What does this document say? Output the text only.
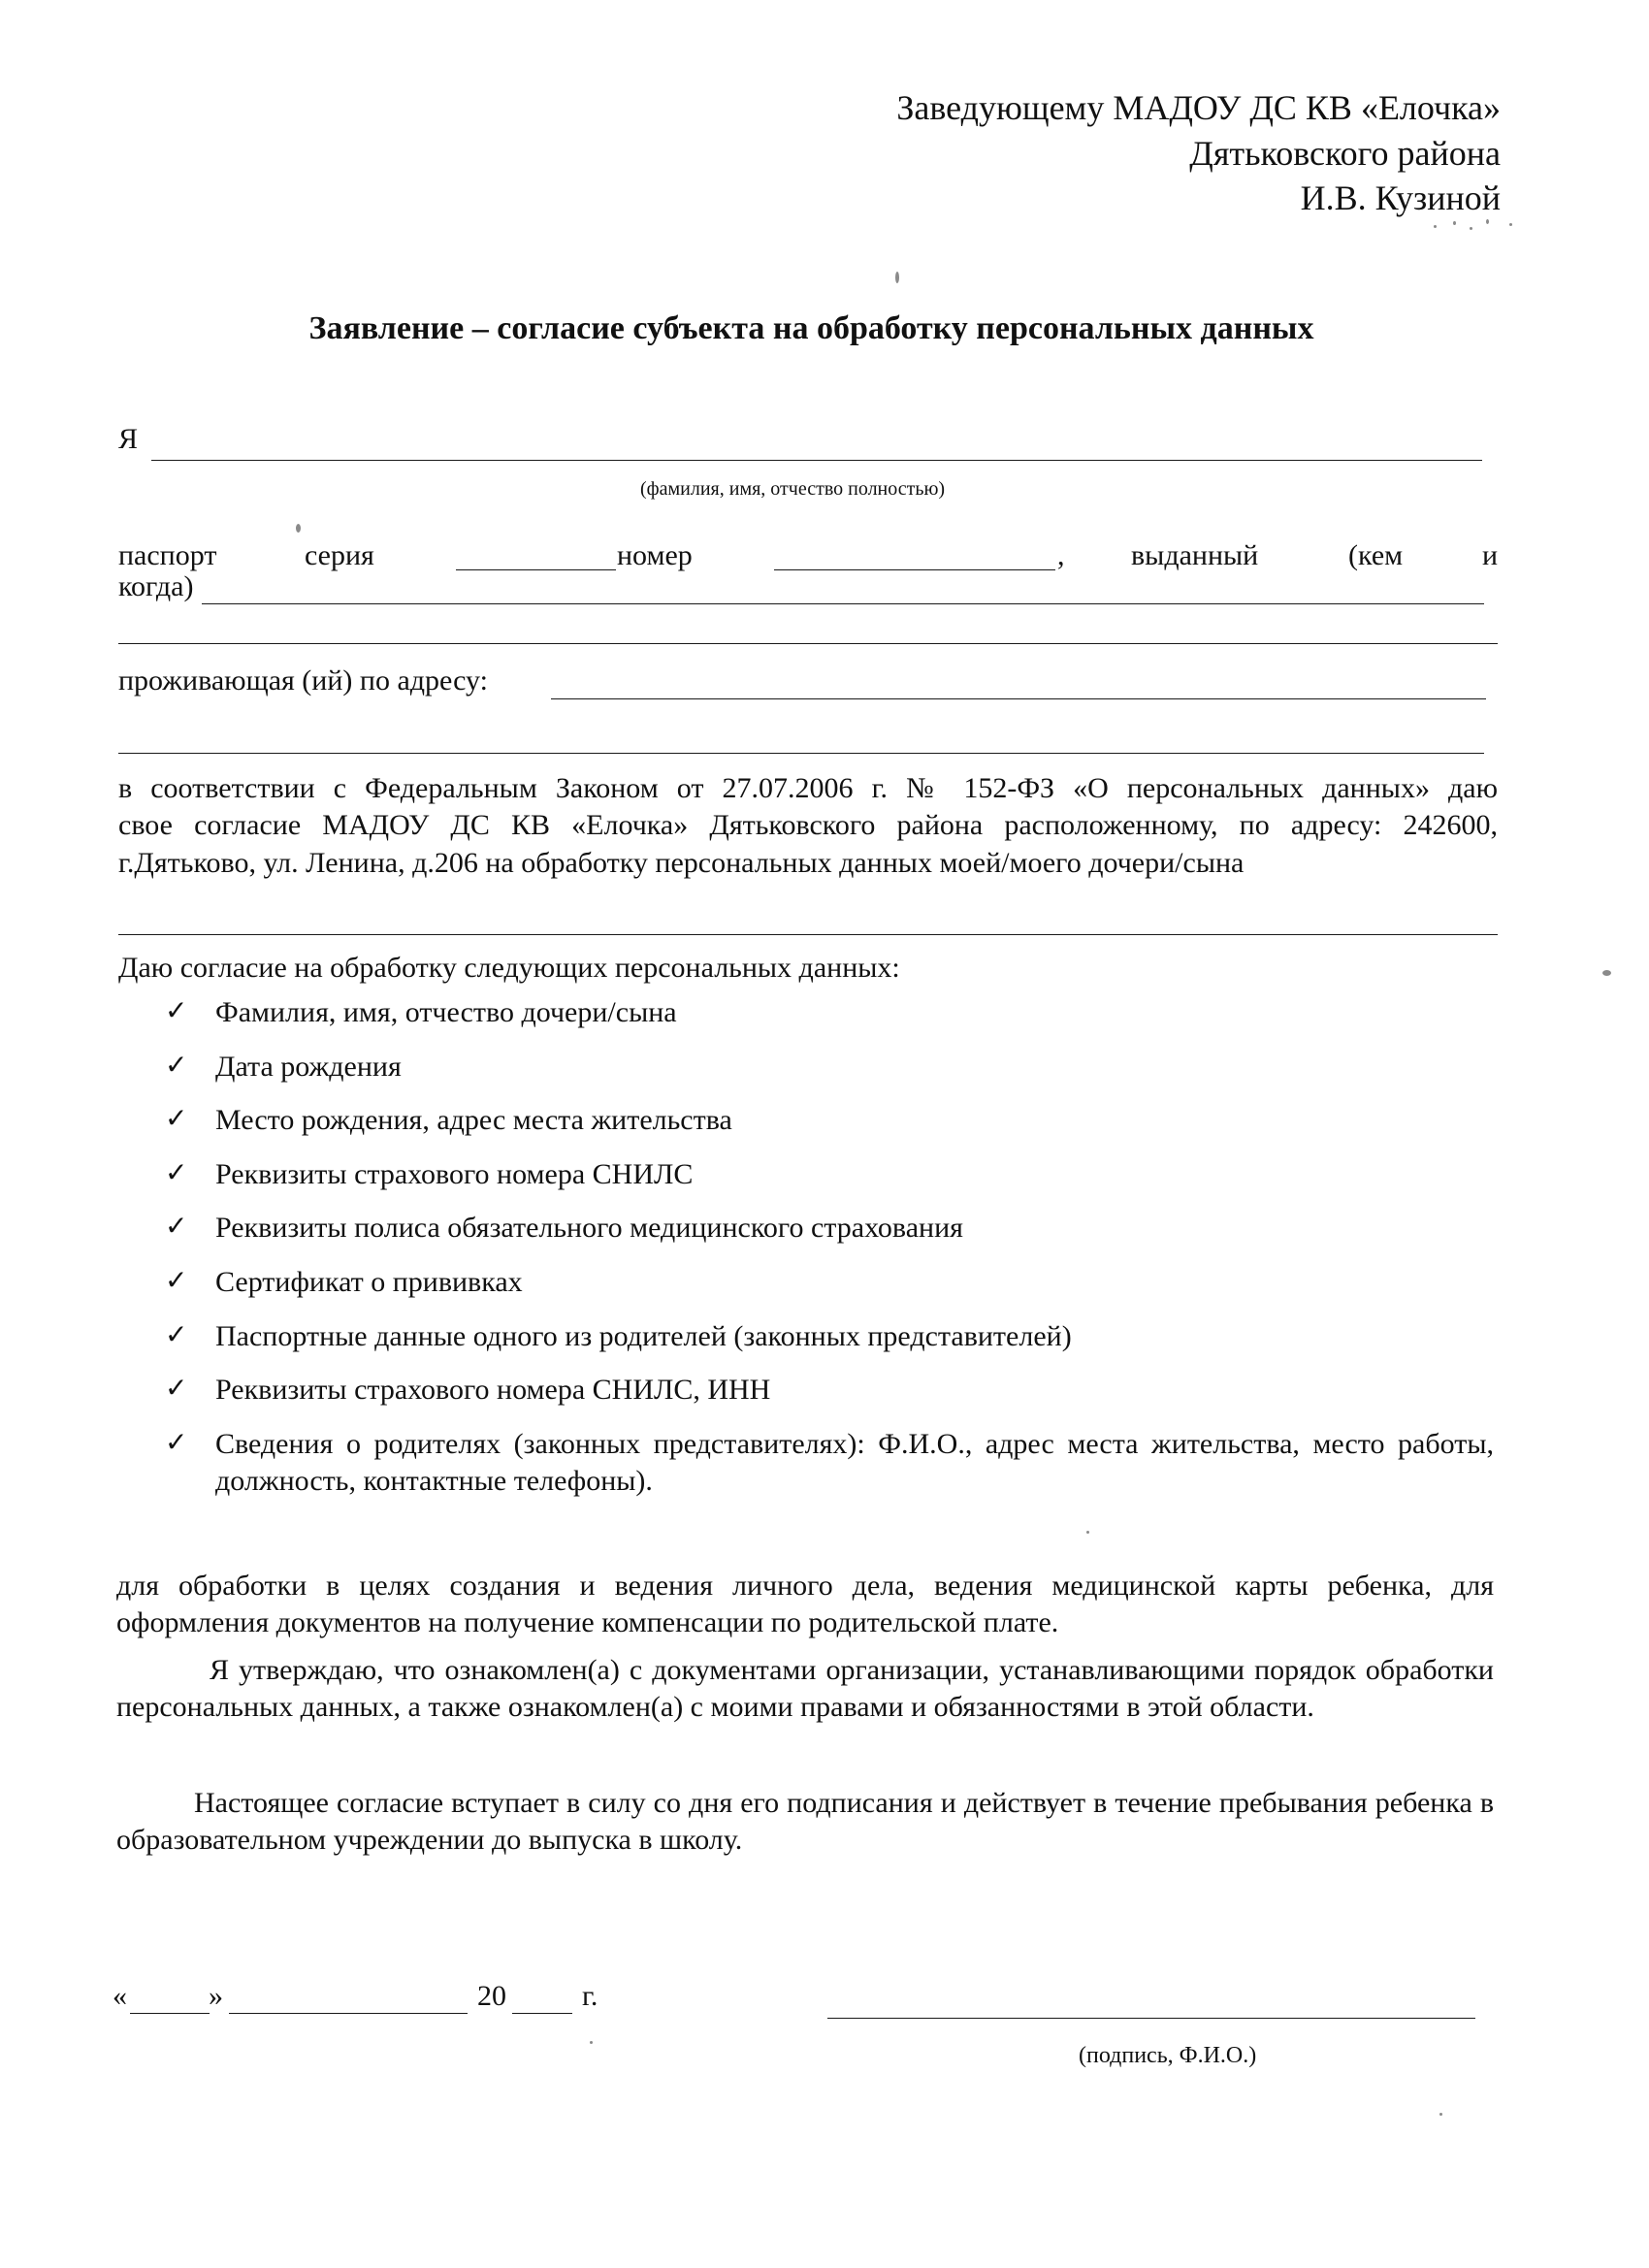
Заведующему МАДОУ ДС КВ «Елочка»
Дятьковского района
И.В. Кузиной
Заявление – согласие субъекта на обработку персональных данных
Я
(фамилия, имя, отчество полностью)
паспорт	серия	номер	, выданный	(кем	и
когда)
проживающая (ий) по адресу:
в соответствии с Федеральным Законом от 27.07.2006 г. № 152-ФЗ «О персональных данных» даю
свое согласие МАДОУ ДС КВ «Елочка» Дятьковского района расположенному, по адресу: 242600,
г.Дятьково, ул. Ленина, д.206 на обработку персональных данных моей/моего дочери/сына
Даю согласие на обработку следующих персональных данных:
✓ Фамилия, имя, отчество дочери/сына
✓ Дата рождения
✓ Место рождения, адрес места жительства
✓ Реквизиты страхового номера СНИЛС
✓ Реквизиты полиса обязательного медицинского страхования
✓ Сертификат о прививках
✓ Паспортные данные одного из родителей (законных представителей)
✓ Реквизиты страхового номера СНИЛС, ИНН
✓ Сведения о родителях (законных представителях): Ф.И.О., адрес места жительства, место работы, должность, контактные телефоны).
для обработки в целях создания и ведения личного дела, ведения медицинской карты ребенка, для оформления документов на получение компенсации по родительской плате.
Я утверждаю, что ознакомлен(а) с документами организации, устанавливающими порядок обработки персональных данных, а также ознакомлен(а) с моими правами и обязанностями в этой области.
Настоящее согласие вступает в силу со дня его подписания и действует в течение пребывания ребенка в образовательном учреждении до выпуска в школу.
«	»	20	г.
(подпись, Ф.И.О.)
